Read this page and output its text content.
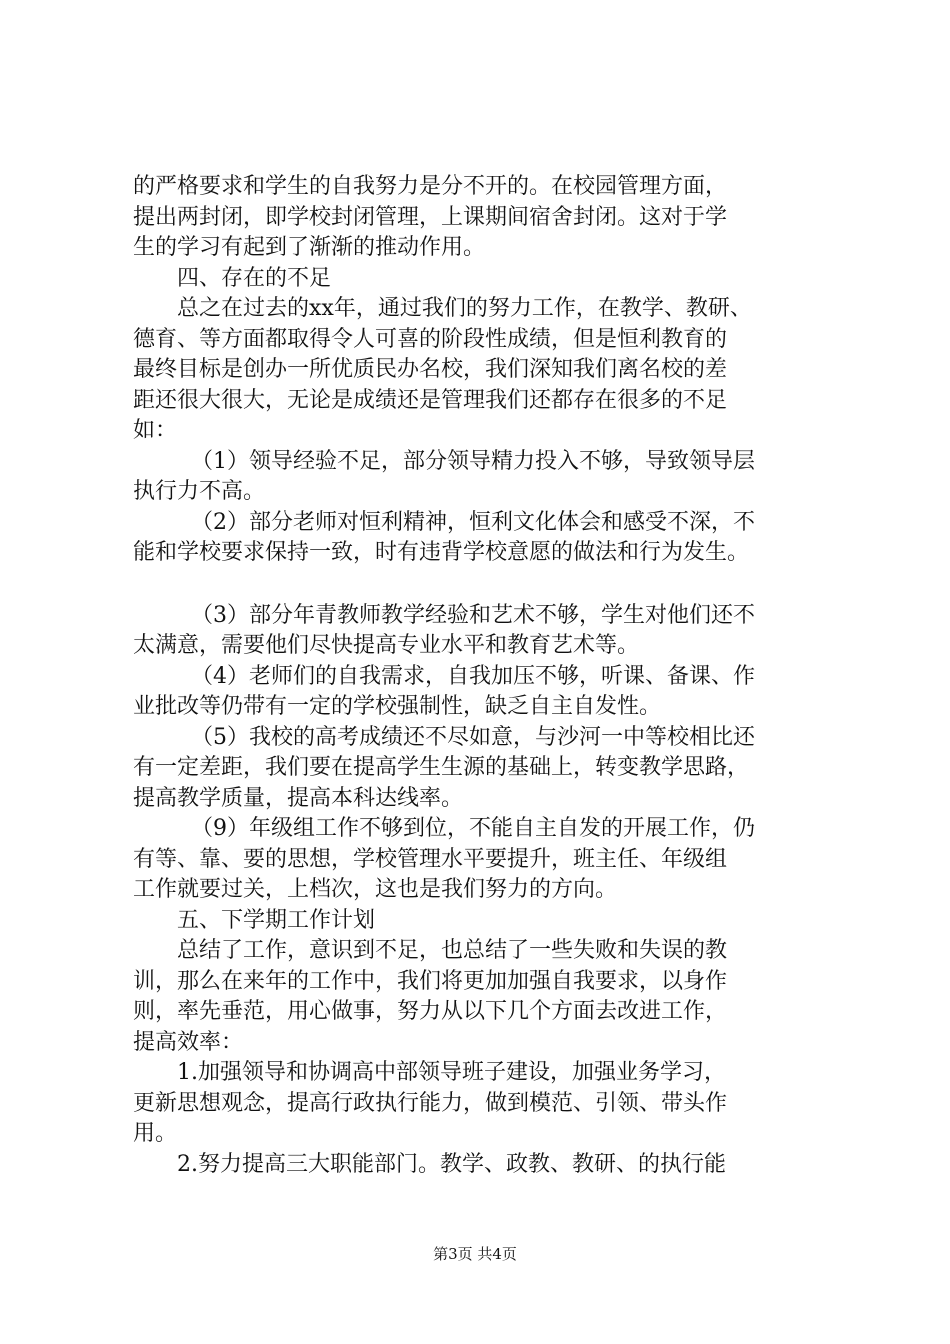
的严格要求和学生的自我努力是分不开的。在校园管理方面，
提出两封闭，即学校封闭管理，上课期间宿舍封闭。这对于学
生的学习有起到了渐渐的推动作用。
四、存在的不足
总之在过去的xx年，通过我们的努力工作，在教学、教研、
德育、等方面都取得令人可喜的阶段性成绩，但是恒利教育的
最终目标是创办一所优质民办名校，我们深知我们离名校的差
距还很大很大，无论是成绩还是管理我们还都存在很多的不足
如：
（1）领导经验不足，部分领导精力投入不够，导致领导层
执行力不高。
（2）部分老师对恒利精神，恒利文化体会和感受不深，不
能和学校要求保持一致，时有违背学校意愿的做法和行为发生。
（3）部分年青教师教学经验和艺术不够，学生对他们还不
太满意，需要他们尽快提高专业水平和教育艺术等。
（4）老师们的自我需求，自我加压不够，听课、备课、作
业批改等仍带有一定的学校强制性，缺乏自主自发性。
（5）我校的高考成绩还不尽如意，与沙河一中等校相比还
有一定差距，我们要在提高学生生源的基础上，转变教学思路，
提高教学质量，提高本科达线率。
（9）年级组工作不够到位，不能自主自发的开展工作，仍
有等、靠、要的思想，学校管理水平要提升，班主任、年级组
工作就要过关，上档次，这也是我们努力的方向。
五、下学期工作计划
总结了工作，意识到不足，也总结了一些失败和失误的教
训，那么在来年的工作中，我们将更加加强自我要求，以身作
则，率先垂范，用心做事，努力从以下几个方面去改进工作，
提高效率：
1.加强领导和协调高中部领导班子建设，加强业务学习，
更新思想观念，提高行政执行能力，做到模范、引领、带头作
用。
2.努力提高三大职能部门。教学、政教、教研、的执行能
第3页 共4页
